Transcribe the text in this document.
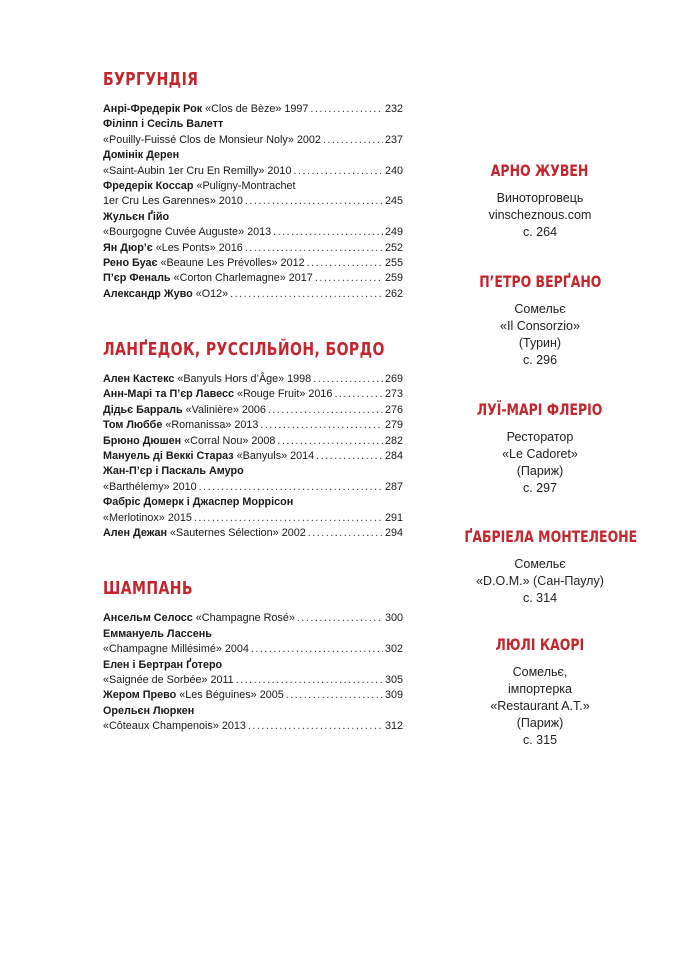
БУРГУНДІЯ
Анрі-Фредерік Рок «Clos de Bèze» 1997 .....	232
Філіпп і Сесіль Валетт
«Pouilly-Fuissé Clos de Monsieur Noly» 2002 .....	237
Домінік Дерен
«Saint-Aubin 1er Cru En Remilly» 2010 .....	240
Фредерік Коссар «Puligny-Montrachet
1er Cru Les Garennes» 2010 .....	245
Жульєн Ґійо
«Bourgogne Cuvée Auguste» 2013 .....	249
Ян Дюр’є «Les Ponts» 2016 .....	252
Рено Буає «Beaune Les Prévolles» 2012 .....	255
П’єр Феналь «Corton Charlemagne» 2017 .....	259
Александр Жуво «O12» .....	262
ЛАНҐЕДОК, РУССІЛЬЙОН, БОРДО
Ален Кастекс «Banyuls Hors d’Âge» 1998 .....	269
Анн-Марі та П’єр Лавесс «Rouge Fruit» 2016 .....	273
Дідьє Барраль «Valinière» 2006 .....	276
Том Люббе «Romanissa» 2013 .....	279
Брюно Дюшен «Corral Nou» 2008 .....	282
Мануель ді Веккі Стараз «Banyuls» 2014 .....	284
Жан-П’єр і Паскаль Амуро
«Barthélemy» 2010 .....	287
Фабріс Домерк і Джаспер Моррісон
«Merlotinox» 2015 .....	291
Ален Дежан «Sauternes Sélection» 2002 .....	294
ШАМПАНЬ
Ансельм Селосс «Champagne Rosé» .....	300
Еммануель Лассень
«Champagne Millésimé» 2004 .....	302
Елен і Бертран Ґотеро
«Saignée de Sorbée» 2011 .....	305
Жером Прево «Les Béguines» 2005 .....	309
Орельєн Люркен
«Côteaux Champenois» 2013 .....	312
АРНО ЖУВЕН
Виноторговець
vinscheznous.com
с. 264
П’ЕТРО ВЕРҐАНО
Сомельє
«Il Consorzio»
(Турин)
с. 296
ЛУЇ-МАРІ ФЛЕРІО
Ресторатор
«Le Cadoret»
(Париж)
с. 297
ҐАБРІЕЛА МОНТЕЛЕОНЕ
Сомельє
«D.O.M.» (Сан-Паулу)
с. 314
ЛЮЛІ КАОРІ
Сомельє,
імпортерка
«Restaurant A.T.»
(Париж)
с. 315
